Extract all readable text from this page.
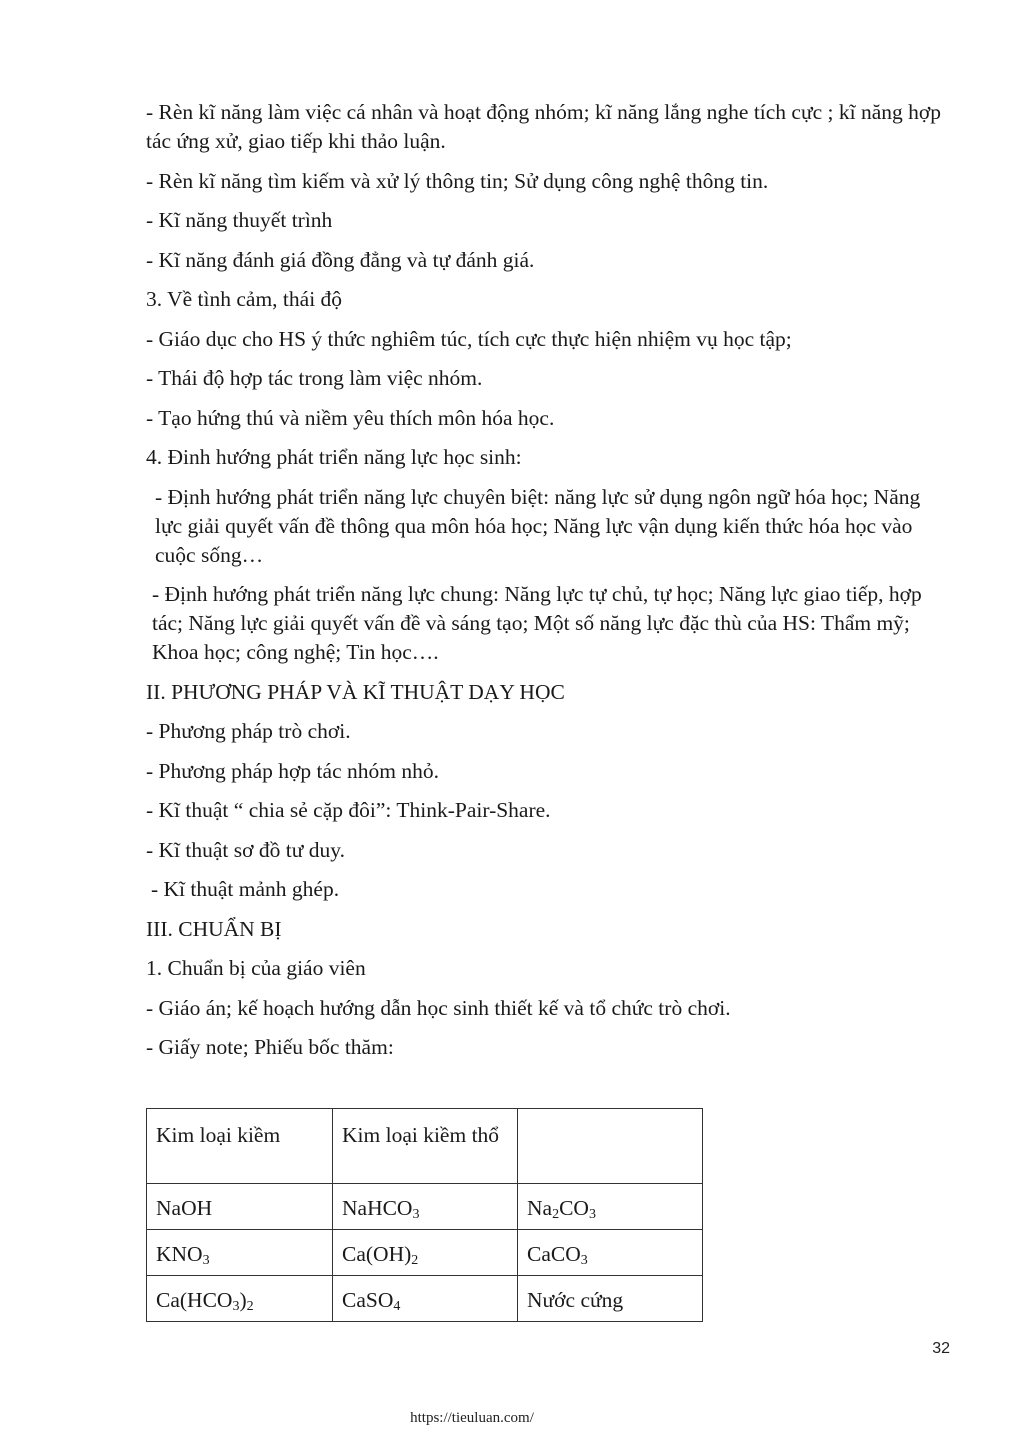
- Rèn kĩ năng làm việc cá nhân và hoạt động nhóm; kĩ năng lắng nghe tích cực ; kĩ năng hợp tác ứng xử, giao tiếp khi thảo luận.

- Rèn kĩ năng tìm kiếm và xử lý thông tin; Sử dụng công nghệ thông tin.

- Kĩ năng thuyết trình

- Kĩ năng đánh giá đồng đẳng và tự đánh giá.

3. Về tình cảm, thái độ

- Giáo dục cho HS ý thức nghiêm túc, tích cực thực hiện nhiệm vụ học tập;

- Thái độ hợp tác trong làm việc nhóm.

- Tạo hứng thú và niềm yêu thích môn hóa học.

4. Đinh hướng phát triển năng lực học sinh:

- Định hướng phát triển năng lực chuyên biệt: năng lực sử dụng ngôn ngữ hóa học; Năng lực giải quyết vấn đề thông qua môn hóa học; Năng lực vận dụng kiến thức hóa học vào cuộc sống…

- Định hướng phát triển năng lực chung: Năng lực tự chủ, tự học; Năng lực giao tiếp, hợp tác; Năng lực giải quyết vấn đề và sáng tạo; Một số năng lực đặc thù của HS: Thẩm mỹ; Khoa học; công nghệ; Tin học….

II. PHƯƠNG PHÁP VÀ KĨ THUẬT DẠY HỌC

- Phương pháp trò chơi.

- Phương pháp hợp tác nhóm nhỏ.

- Kĩ thuật “ chia sẻ cặp đôi”: Think-Pair-Share.

- Kĩ thuật sơ đồ tư duy.

- Kĩ thuật mảnh ghép.

III. CHUẨN BỊ

1. Chuẩn bị của giáo viên

- Giáo án; kế hoạch hướng dẫn học sinh thiết kế và tổ chức trò chơi.

- Giấy note; Phiếu bốc thăm:

Kim loại kiềm	Kim loại kiềm thổ	
NaOH	NaHCO$_3$	$Na_2CO_3$
$KNO_3$	$Ca(OH)_2$	CaCO$_3$
$Ca(HCO_3)_2$	CaSO$_4$	Nước cứng
32
https://tieuluan.com/
